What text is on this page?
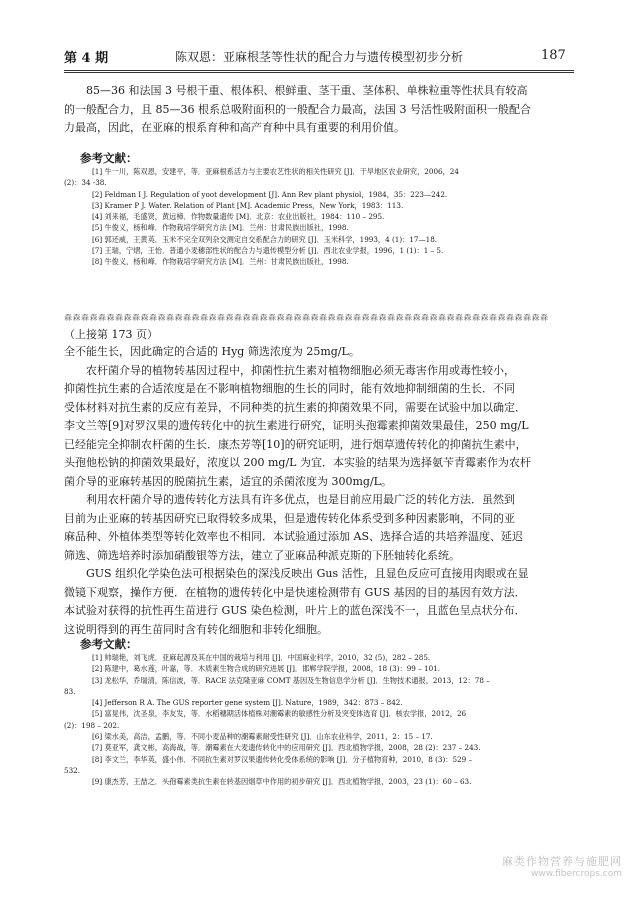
第 4 期	陈双恩：亚麻根茎等性状的配合力与遗传模型初步分析	187

85—36 和法国 3 号根干重、根体积、根鲜重、茎干重、茎体积、单株粒重等性状具有较高

的一般配合力，且 85—36 根系总吸附面积的一般配合力最高，法国 3 号活性吸附面积一般配合

力最高，因此，在亚麻的根系育种和高产育种中具有重要的利用价值。

参考文献：
[1] 牛一川，陈双恩，安建平，等．亚麻根系活力与主要农艺性状的相关性研究 [J]．干旱地区农业研究，2006，24
(2)：34 -38.
[2] Feldman I J. Regulation of yoot development [J]. Ann Rev plant physiol，1984，35：223—242.
[3] Kramer P J. Water. Relation of Plant [M]. Academic Press，New York，1983：113.
[4] 刘来福，毛盛贤，黄远樟．作物数量遗传 [M]．北京：农业出版社，1984：110 – 295.
[5] 牛俊义，杨和峰．作物栽培学研究方法 [M]．兰州：甘肃民族出版社，1998.
[6] 郭还威，王黄英．玉米不完全双列杂交测定自交系配合力的研究 [J]．玉米科学，1993，4 (1)：17—18.
[7] 王瑞，宁熠，王怡．普通小麦穗部性状的配合力与遗传模型分析 [J]．西北农业学报，1996，1 (1)：1 – 5.
[8] 牛俊义，杨和峰．作物栽培学研究方法 [M]．兰州：甘肃民族出版社，1998.
森森森森森森森森森森森森森森森森森森森森森森森森森森森森森森森森森森森森森森森森森森森森森森森森森森森森森森森森森
（上接第 173 页）

全不能生长，因此确定的合适的 Hyg 筛选浓度为 25mg/L。

农杆菌介导的植物转基因过程中，抑菌性抗生素对植物细胞必须无毒害作用或毒性较小，

抑菌性抗生素的合适浓度是在不影响植物细胞的生长的同时，能有效地抑制细菌的生长．不同

受体材料对抗生素的反应有差异，不同种类的抗生素的抑菌效果不同，需要在试验中加以确定．

李文兰等[9]对罗汉果的遗传转化中的抗生素进行研究，证明头孢霉素抑菌效果最佳，250 mg/L

已经能完全抑制农杆菌的生长．康杰芳等[10]的研究证明，进行烟草遗传转化的抑菌抗生素中，

头孢他松钠的抑菌效果最好，浓度以 200 mg/L 为宜．本实验的结果为选择氨苄青霉素作为农杆

菌介导的亚麻转基因的脱菌抗生素，适宜的杀菌浓度为 300mg/L。

利用农杆菌介导的遗传转化方法具有许多优点，也是目前应用最广泛的转化方法．虽然到

目前为止亚麻的转基因研究已取得较多成果，但是遗传转化体系受到多种因素影响，不同的亚

麻品种、外植体类型等转化效率也不相同．本试验通过添加 AS、选择合适的共培养温度、延迟

筛选、筛选培养时添加硝酸银等方法，建立了亚麻品种派克斯的下胚轴转化系统。

GUS 组织化学染色法可根据染色的深浅反映出 Gus 活性，且显色反应可直接用肉眼或在显

微镜下观察，操作方便．在植物的遗传转化中是快速检测带有 GUS 基因的目的基因有效方法．

本试验对获得的抗性再生苗进行 GUS 染色检测，叶片上的蓝色深浅不一，且蓝色呈点状分布．

这说明得到的再生苗同时含有转化细胞和非转化细胞。

参考文献：
[1] 帅瑞艳，刘飞虎．亚麻起源及其在中国的栽培与利用 [J]．中国麻业科学，2010，32 (5)，282 – 285.
[2] 陈建中，葛水莲，叶嘉，等．木质素生物合成的研究进展 [J]．邯郸学院学报，2008，18 (3)：99 – 101.
[3] 龙松华，乔瑞清，陈信波，等．RACE 法克隆亚麻 COMT 基因及生物信息学分析 [J]．生物技术通报，2013，12：78 –
83.
[4] Jefferson R A. The GUS reporter gene system [J]. Nature，1989，342：873 – 842.
[5] 富晃伟，沈圣泉，李友发，等．水稻穗期活体植株对潮霉素的敏感性分析及突变体选育 [J]．核农学报，2012，26
(2)：198 – 202.
[6] 梁水美，高洁，孟鹏，等．不同小麦品种的潮霉素耐受性研究 [J]．山东农业科学，2011，2：15 – 17.
[7] 莫亚军，龚文彬，高海战，等．潮霉素在大麦遗传转化中的应用研究 [J]．西北植物学报，2008，28 (2)：237 – 243.
[8] 李文兰，李华英，盛小伟．不同抗生素对罗汉果遗传转化受体系统的影响 [J]．分子植物育种，2010，8 (3)：529 –
532.
[9] 康杰芳，王喆之．头孢霉素类抗生素在转基因烟草中作用的初步研究 [J]．西北植物学报，2003，23 (1)：60 – 63.
麻类作物营养与施肥网
www.fibercrops.com
